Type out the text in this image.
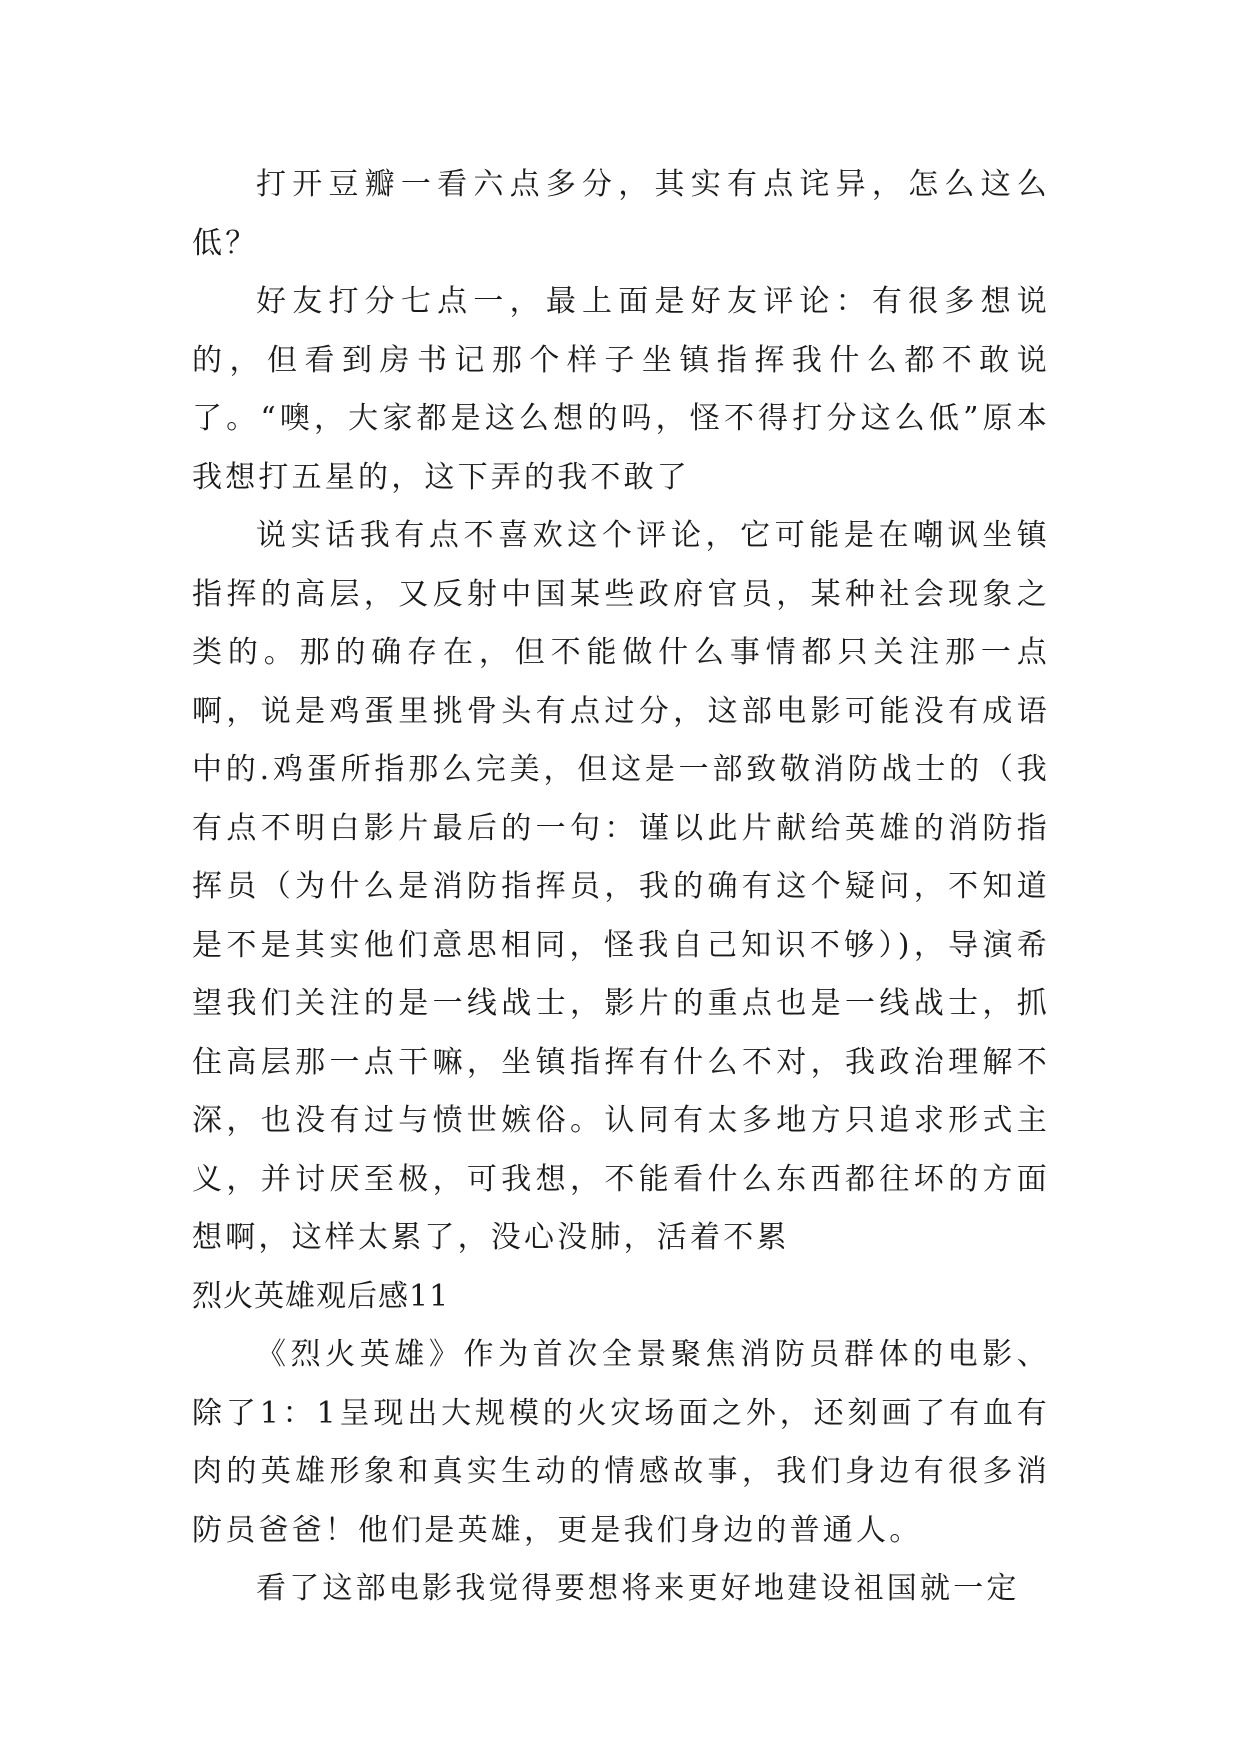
打开豆瓣一看六点多分，其实有点诧异，怎么这么低？

好友打分七点一，最上面是好友评论：有很多想说的，但看到房书记那个样子坐镇指挥我什么都不敢说了。“噢，大家都是这么想的吗，怪不得打分这么低”原本我想打五星的，这下弄的我不敢了

说实话我有点不喜欢这个评论，它可能是在嘲讽坐镇指挥的高层，又反射中国某些政府官员，某种社会现象之类的。那的确存在，但不能做什么事情都只关注那一点啊，说是鸡蛋里挑骨头有点过分，这部电影可能没有成语中的.鸡蛋所指那么完美，但这是一部致敬消防战士的（我有点不明白影片最后的一句：谨以此片献给英雄的消防指挥员（为什么是消防指挥员，我的确有这个疑问，不知道是不是其实他们意思相同，怪我自己知识不够）)，导演希望我们关注的是一线战士，影片的重点也是一线战士，抓住高层那一点干嘛，坐镇指挥有什么不对，我政治理解不深，也没有过与愤世嫉俗。认同有太多地方只追求形式主义，并讨厌至极，可我想，不能看什么东西都往坏的方面想啊，这样太累了，没心没肺，活着不累

烈火英雄观后感11

《烈火英雄》作为首次全景聚焦消防员群体的电影、除了1：1呈现出大规模的火灾场面之外，还刻画了有血有肉的英雄形象和真实生动的情感故事，我们身边有很多消防员爸爸！他们是英雄，更是我们身边的普通人。

看了这部电影我觉得要想将来更好地建设祖国就一定
